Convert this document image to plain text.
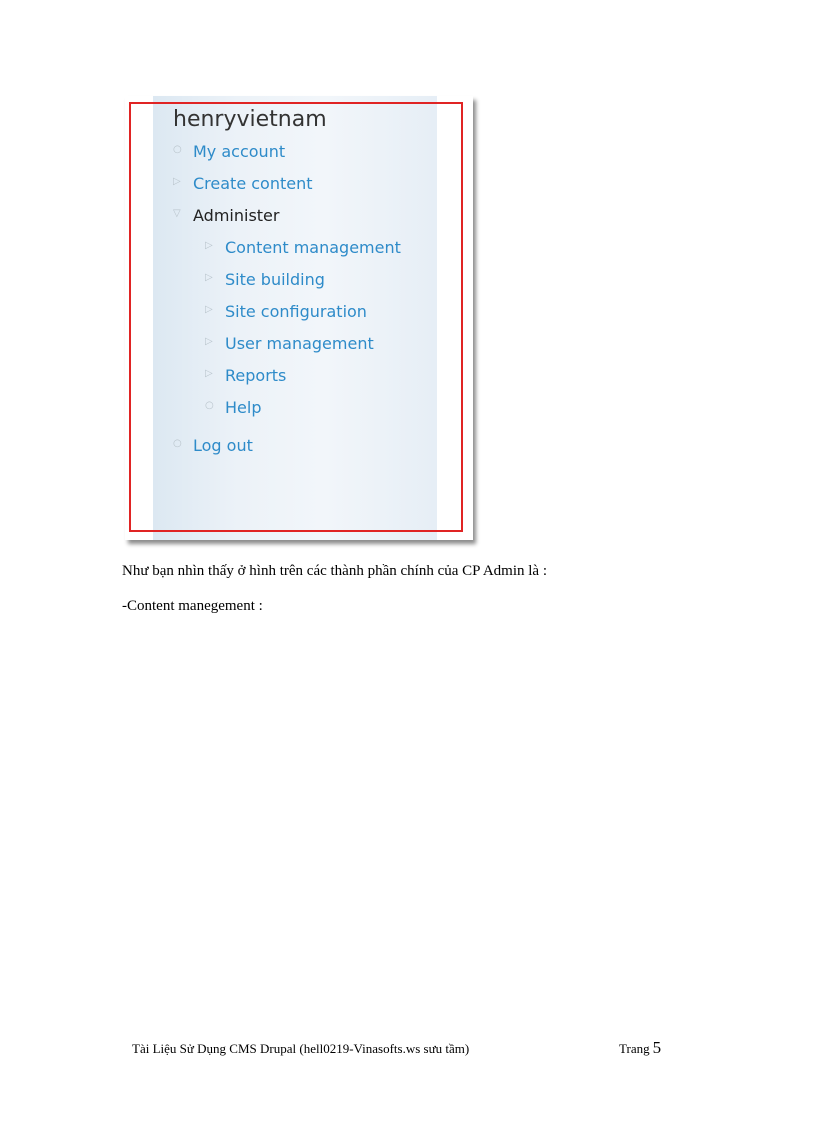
henryvietnam
○ My account
▷ Create content
▽ Administer
▷ Content management
▷ Site building
▷ Site configuration
▷ User management
▷ Reports
○ Help
○ Log out
Như bạn nhìn thấy ở hình trên các thành phần chính của CP Admin là :
-Content manegement :
Tài Liệu Sử Dụng CMS Drupal (hell0219-Vinasofts.ws sưu tầm)	Trang 5
